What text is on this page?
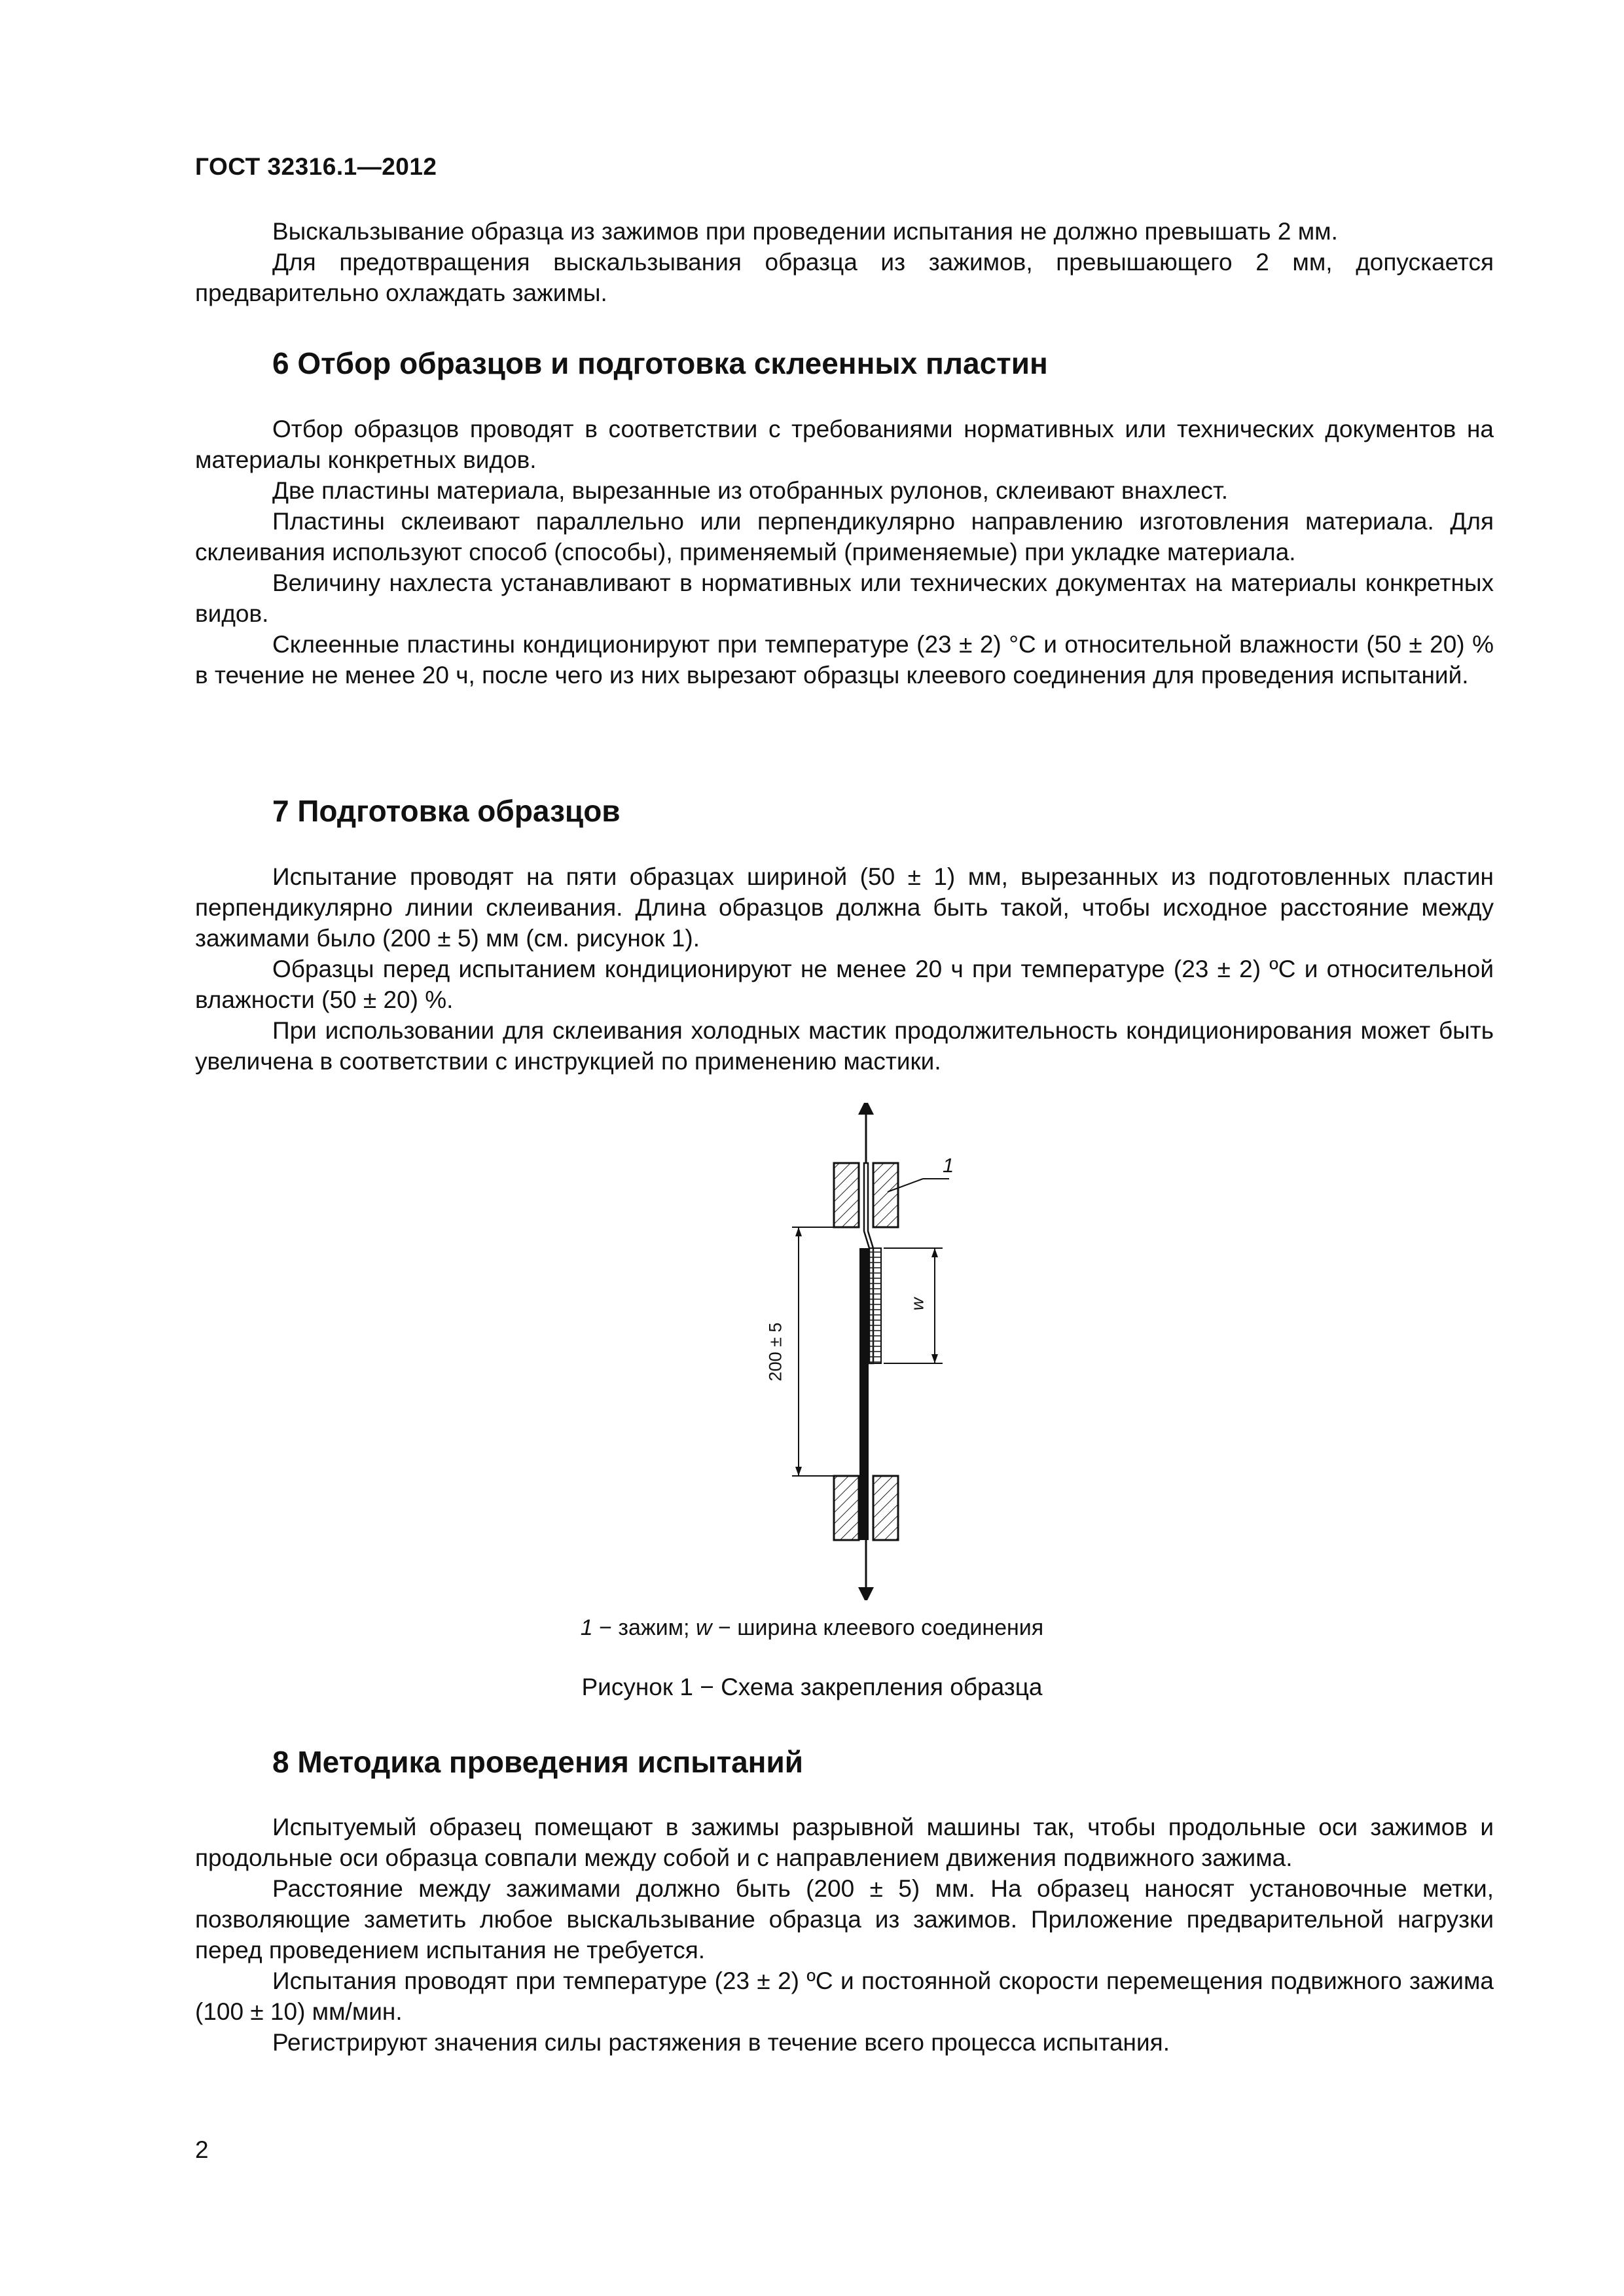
ГОСТ 32316.1—2012

Выскальзывание образца из зажимов при проведении испытания не должно превышать 2 мм.

Для предотвращения выскальзывания образца из зажимов, превышающего 2 мм, допускается предварительно охлаждать зажимы.

6 Отбор образцов и подготовка склеенных пластин

Отбор образцов проводят в соответствии с требованиями нормативных или технических документов на материалы конкретных видов.

Две пластины материала, вырезанные из отобранных рулонов, склеивают внахлест.

Пластины склеивают параллельно или перпендикулярно направлению изготовления материала. Для склеивания используют способ (способы), применяемый (применяемые) при укладке материала.

Величину нахлеста устанавливают в нормативных или технических документах на материалы конкретных видов.

Склеенные пластины кондиционируют при температуре (23 ± 2) °С и относительной влажности (50 ± 20) % в течение не менее 20 ч, после чего из них вырезают образцы клеевого соединения для проведения испытаний.

7 Подготовка образцов

Испытание проводят на пяти образцах шириной (50 ± 1) мм, вырезанных из подготовленных пластин перпендикулярно линии склеивания. Длина образцов должна быть такой, чтобы исходное расстояние между зажимами было (200 ± 5) мм (см. рисунок 1).

Образцы перед испытанием кондиционируют не менее 20 ч при температуре (23 ± 2) ºС и относительной влажности (50 ± 20) %.

При использовании для склеивания холодных мастик продолжительность кондиционирования может быть увеличена в соответствии с инструкцией по применению мастики.

1
200 ± 5
w
1 − зажим; w − ширина клеевого соединения
Рисунок 1 − Схема закрепления образца
8 Методика проведения испытаний

Испытуемый образец помещают в зажимы разрывной машины так, чтобы продольные оси зажимов и продольные оси образца совпали между собой и с направлением движения подвижного зажима.

Расстояние между зажимами должно быть (200 ± 5) мм. На образец наносят установочные метки, позволяющие заметить любое выскальзывание образца из зажимов. Приложение предварительной нагрузки перед проведением испытания не требуется.

Испытания проводят при температуре (23 ± 2) ºС и постоянной скорости перемещения подвижного зажима (100 ± 10) мм/мин.

Регистрируют значения силы растяжения в течение всего процесса испытания.

2
